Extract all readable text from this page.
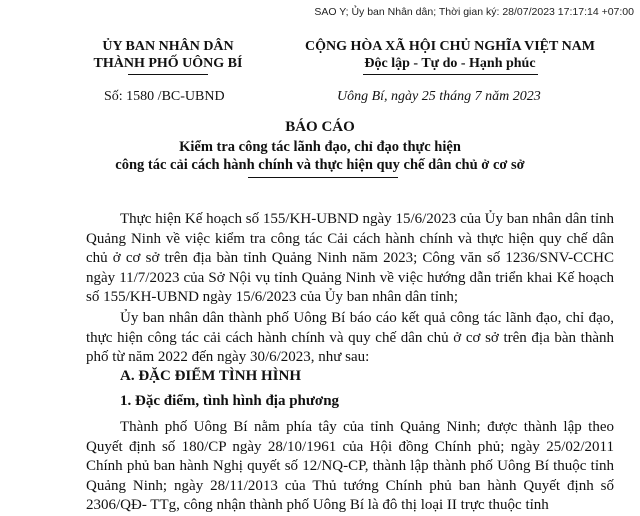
SAO Y; Ủy ban Nhân dân; Thời gian ký: 28/07/2023 17:17:14 +07:00
ỦY BAN NHÂN DÂN
THÀNH PHỐ UÔNG BÍ
CỘNG HÒA XÃ HỘI CHỦ NGHĨA VIỆT NAM
Độc lập - Tự do - Hạnh phúc
Số: 1580 /BC-UBND	Uông Bí, ngày 25 tháng 7 năm 2023
BÁO CÁO
Kiểm tra công tác lãnh đạo, chỉ đạo thực hiện
công tác cải cách hành chính và thực hiện quy chế dân chủ ở cơ sở
Thực hiện Kế hoạch số 155/KH-UBND ngày 15/6/2023 của Ủy ban nhân dân tỉnh Quảng Ninh về việc kiểm tra công tác Cải cách hành chính và thực hiện quy chế dân chủ ở cơ sở trên địa bàn tỉnh Quảng Ninh năm 2023; Công văn số 1236/SNV-CCHC ngày 11/7/2023 của Sở Nội vụ tỉnh Quảng Ninh về việc hướng dẫn triển khai Kế hoạch số 155/KH-UBND ngày 15/6/2023 của Ủy ban nhân dân tỉnh;
Ủy ban nhân dân thành phố Uông Bí báo cáo kết quả công tác lãnh đạo, chỉ đạo, thực hiện công tác cải cách hành chính và quy chế dân chủ ở cơ sở trên địa bàn thành phố từ năm 2022 đến ngày 30/6/2023, như sau:
A. ĐẶC ĐIỂM TÌNH HÌNH
1. Đặc điểm, tình hình địa phương
Thành phố Uông Bí nằm phía tây của tỉnh Quảng Ninh; được thành lập theo Quyết định số 180/CP ngày 28/10/1961 của Hội đồng Chính phủ; ngày 25/02/2011 Chính phủ ban hành Nghị quyết số 12/NQ-CP, thành lập thành phố Uông Bí thuộc tỉnh Quảng Ninh; ngày 28/11/2013 của Thủ tướng Chính phủ ban hành Quyết định số 2306/QĐ- TTg, công nhận thành phố Uông Bí là đô thị loại II trực thuộc tỉnh
